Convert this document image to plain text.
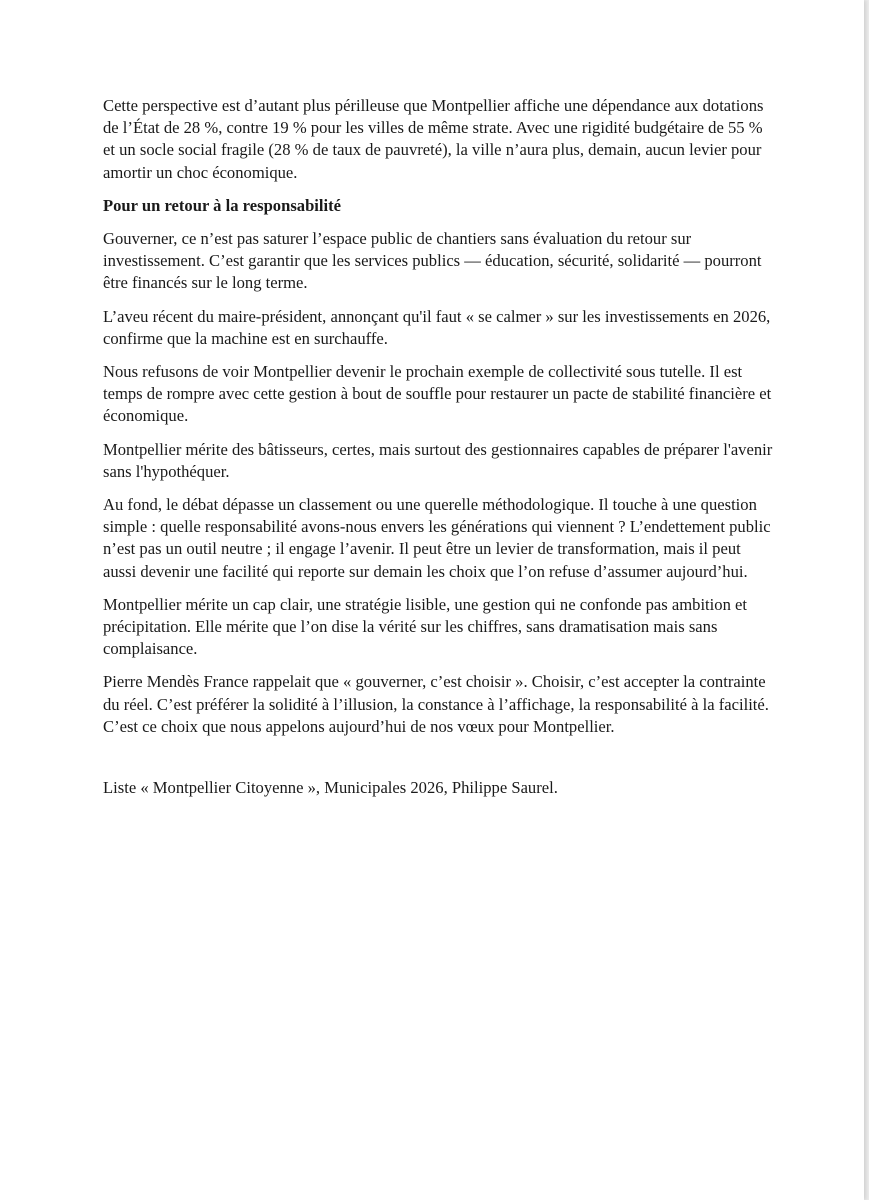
Cette perspective est d’autant plus périlleuse que Montpellier affiche une dépendance aux dotations de l’État de 28 %, contre 19 % pour les villes de même strate. Avec une rigidité budgétaire de 55 % et un socle social fragile (28 % de taux de pauvreté), la ville n’aura plus, demain, aucun levier pour amortir un choc économique.

Pour un retour à la responsabilité

Gouverner, ce n’est pas saturer l’espace public de chantiers sans évaluation du retour sur investissement. C’est garantir que les services publics — éducation, sécurité, solidarité — pourront être financés sur le long terme.

L’aveu récent du maire-président, annonçant qu'il faut « se calmer » sur les investissements en 2026, confirme que la machine est en surchauffe.

Nous refusons de voir Montpellier devenir le prochain exemple de collectivité sous tutelle. Il est temps de rompre avec cette gestion à bout de souffle pour restaurer un pacte de stabilité financière et économique.

Montpellier mérite des bâtisseurs, certes, mais surtout des gestionnaires capables de préparer l'avenir sans l'hypothéquer.

Au fond, le débat dépasse un classement ou une querelle méthodologique. Il touche à une question simple : quelle responsabilité avons-nous envers les générations qui viennent ? L’endettement public n’est pas un outil neutre ; il engage l’avenir. Il peut être un levier de transformation, mais il peut aussi devenir une facilité qui reporte sur demain les choix que l’on refuse d’assumer aujourd’hui.

Montpellier mérite un cap clair, une stratégie lisible, une gestion qui ne confonde pas ambition et précipitation. Elle mérite que l’on dise la vérité sur les chiffres, sans dramatisation mais sans complaisance.

Pierre Mendès France rappelait que « gouverner, c’est choisir ». Choisir, c’est accepter la contrainte du réel. C’est préférer la solidité à l’illusion, la constance à l’affichage, la responsabilité à la facilité. C’est ce choix que nous appelons aujourd’hui de nos vœux pour Montpellier.

Liste « Montpellier Citoyenne », Municipales 2026, Philippe Saurel.
